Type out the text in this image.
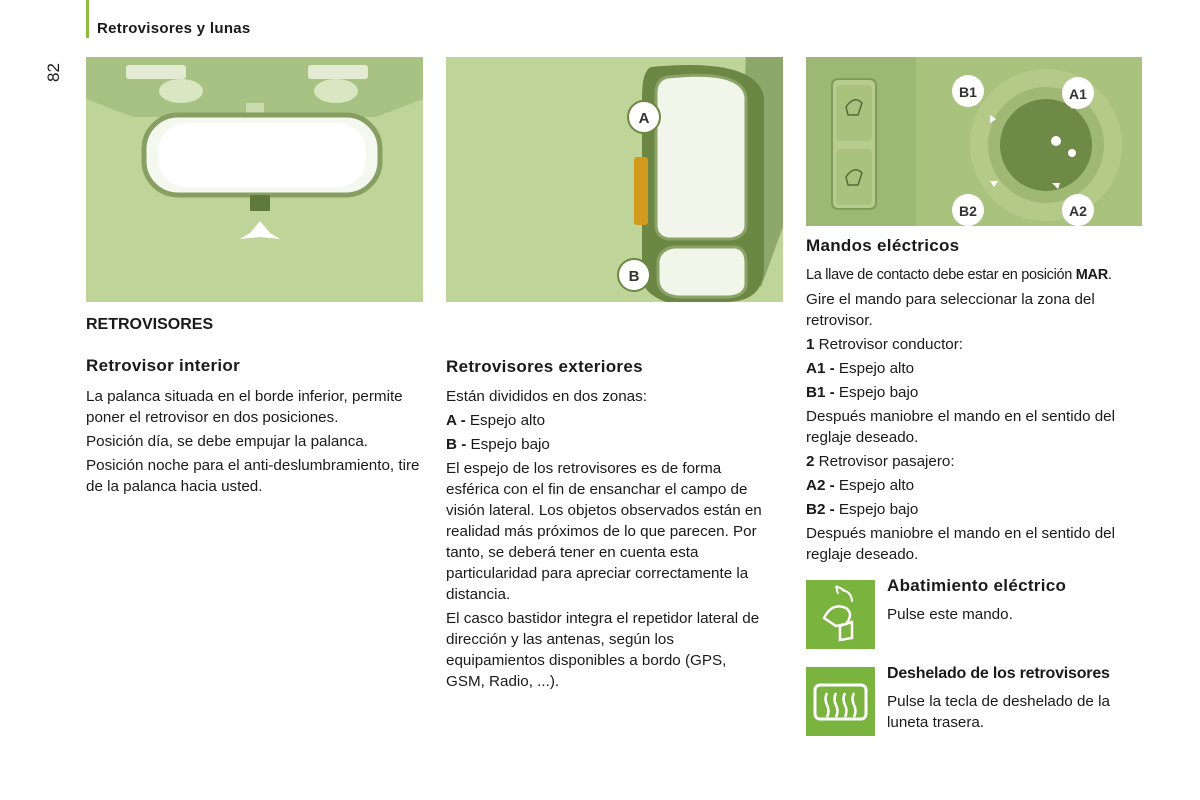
Retrovisores y lunas
82
A
B
B1	A1
B2	A2
RETROVISORES
Retrovisor interior

La palanca situada en el borde inferior, permite poner el retrovisor en dos posiciones.

Posición día, se debe empujar la palanca.

Posición noche para el anti-deslumbramiento, tire de la palanca hacia usted.

Retrovisores exteriores

Están divididos en dos zonas:

A - Espejo alto

B - Espejo bajo

El espejo de los retrovisores es de forma esférica con el fin de ensanchar el campo de visión lateral. Los objetos observados están en realidad más próximos de lo que parecen. Por tanto, se deberá tener en cuenta esta particularidad para apreciar correctamente la distancia.

El casco bastidor integra el repetidor lateral de dirección y las antenas, según los equipamientos disponibles a bordo (GPS, GSM, Radio, ...).

Mandos eléctricos

La llave de contacto debe estar en posición MAR.

Gire el mando para seleccionar la zona del retrovisor.

1 Retrovisor conductor:

A1 - Espejo alto

B1 - Espejo bajo

Después maniobre el mando en el sentido del reglaje deseado.

2 Retrovisor pasajero:

A2 - Espejo alto

B2 - Espejo bajo

Después maniobre el mando en el sentido del reglaje deseado.

Abatimiento eléctrico

Pulse este mando.

Deshelado de los retrovisores

Pulse la tecla de deshelado de la luneta trasera.
